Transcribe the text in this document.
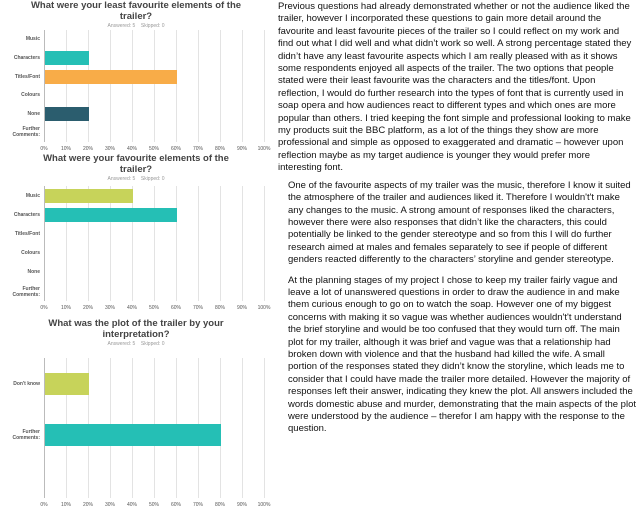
What were your least favourite elements of the trailer?
Answered: 5 Skipped: 0
0%	10% 20% 30% 40% 50% 60% 70% 80% 90% 100%
Music
Characters
Titles/Font
Colours
None
Further Comments:
What were your favourite elements of the trailer?
Answered: 5 Skipped: 0
0%	10% 20% 30% 40% 50% 60% 70% 80% 90% 100%
Music
Characters
Titles/Font
Colours
None
Further Comments:
What was the plot of the trailer by your interpretation?
Answered: 5 Skipped: 0
0%	10% 20% 30% 40% 50% 60% 70% 80% 90% 100%
Don't know
Further Comments:

Previous questions had already demonstrated whether or not the audience liked the trailer, however I incorporated these questions to gain more detail around the favourite and least favourite pieces of the trailer so I could reflect on my work and find out what I did well and what didn’t work so well. A strong percentage stated they didn’t have any least favourite aspects which I am really pleased with as it shows some respondents enjoyed all aspects of the trailer. The two options that people stated were their least favourite was the characters and the titles/font. Upon reflection, I would do further research into the types of font that is currently used in soap opera and how audiences react to different types and which ones are more popular than others. I tried keeping the font simple and professional looking to make my products suit the BBC platform, as a lot of the things they show are more professional and simple as opposed to exaggerated and dramatic – however upon reflection maybe as my target audience is younger they would prefer more interesting font.

One of the favourite aspects of my trailer was the music, therefore I know it suited the atmosphere of the trailer and audiences liked it. Therefore I wouldn't't make any changes to the music. A strong amount of responses liked the characters, however there were also responses that didn’t like the characters, this could potentially be linked to the gender stereotype and so from this I will do further research aimed at males and females separately to see if people of different genders reacted differently to the characters’ storyline and gender stereotype.

At the planning stages of my project I chose to keep my trailer fairly vague and leave a lot of unanswered questions in order to draw the audience in and make them curious enough to go on to watch the soap. However one of my biggest concerns with making it so vague was whether audiences wouldn't't understand the brief storyline and would be too confused that they would turn off. The main plot for my trailer, although it was brief and vague was that a relationship had broken down with violence and that the husband had killed the wife. A small portion of the responses stated they didn’t know the storyline, which leads me to consider that I could have made the trailer more detailed. However the majority of responses left their answer, indicating they knew the plot. All answers included the words domestic abuse and murder, demonstrating that the main aspects of the plot were understood by the audience – therefor I am happy with the response to the question.
